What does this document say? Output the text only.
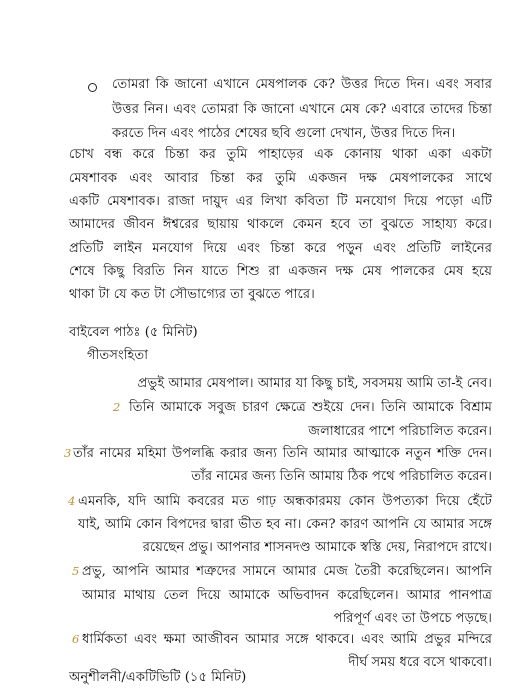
তোমরা কি জানো এখানে মেষপালক কে? উত্তর দিতে দিন। এবং সবার
উত্তর নিন। এবং তোমরা কি জানো এখানে মেষ কে? এবারে তাদের চিন্তা
করতে দিন এবং পাঠের শেষের ছবি গুলো দেখান, উত্তর দিতে দিন।
চোখ বন্ধ করে চিন্তা কর তুমি পাহাড়ের এক কোনায় থাকা একা একটা
মেষশাবক এবং আবার চিন্তা কর তুমি একজন দক্ষ মেষপালকের সাথে
একটি মেষশাবক। রাজা দায়ুদ এর লিখা কবিতা টি মনযোগ দিয়ে পড়ো এটি
আমাদের জীবন ঈশ্বরের ছায়ায় থাকলে কেমন হবে তা বুঝতে সাহায্য করে।
প্রতিটি লাইন মনযোগ দিয়ে এবং চিন্তা করে পড়ুন এবং প্রতিটি লাইনের
শেষে কিছু বিরতি নিন যাতে শিশু রা একজন দক্ষ মেষ পালকের মেষ হয়ে
থাকা টা যে কত টা সৌভাগ্যের তা বুঝতে পারে।
বাইবেল পাঠঃ (৫ মিনিট)
গীতসংহিতা
প্রভুই আমার মেষপাল। আমার যা কিছু চাই, সবসময় আমি তা-ই নেব।
2 তিনি আমাকে সবুজ চারণ ক্ষেত্রে শুইয়ে দেন। তিনি আমাকে বিশ্রাম
জলাধারের পাশে পরিচালিত করেন।
3 তাঁর নামের মহিমা উপলব্ধি করার জন্য তিনি আমার আত্মাকে নতুন শক্তি দেন।
তাঁর নামের জন্য তিনি আমায় ঠিক পথে পরিচালিত করেন।
4 এমনকি, যদি আমি কবরের মত গাঢ় অন্ধকারময় কোন উপত্যকা দিয়ে হেঁটে
যাই, আমি কোন বিপদের দ্বারা ভীত হব না। কেন? কারণ আপনি যে আমার সঙ্গে
রয়েছেন প্রভু। আপনার শাসনদণ্ড আমাকে স্বস্তি দেয়, নিরাপদে রাখে।
5 প্রভু, আপনি আমার শত্রুদের সামনে আমার মেজ তৈরী করেছিলেন। আপনি
আমার মাথায় তেল দিয়ে আমাকে অভিবাদন করেছিলেন। আমার পানপাত্র
পরিপূর্ণ এবং তা উপচে পড়ছে।
6 ধার্মিকতা এবং ক্ষমা আজীবন আমার সঙ্গে থাকবে। এবং আমি প্রভুর মন্দিরে
দীর্ঘ সময় ধরে বসে থাকবো।
অনুশীলনী/একটিভিটি (১৫ মিনিট)
